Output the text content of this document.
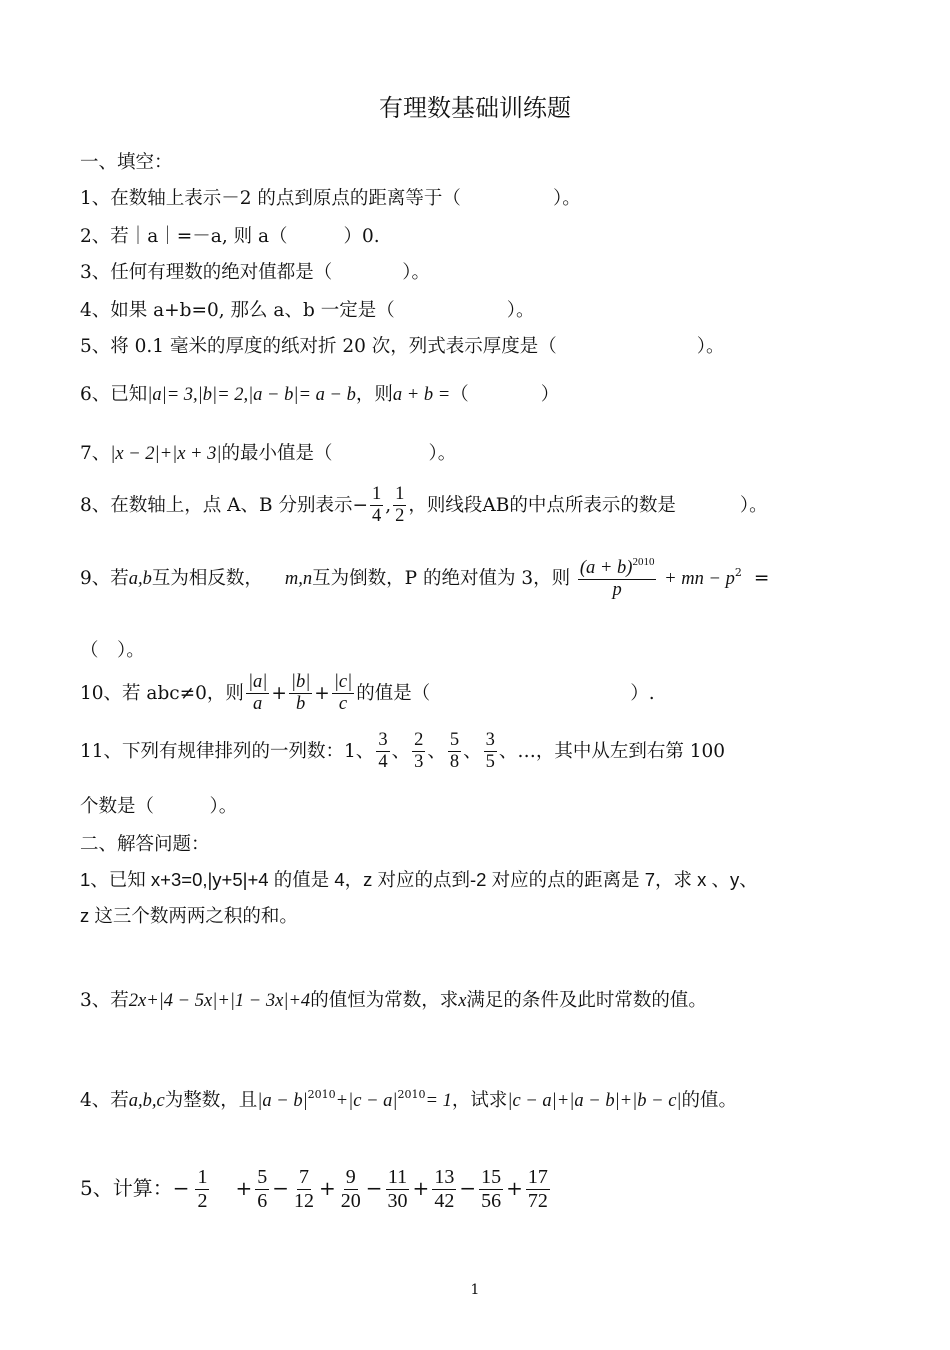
有理数基础训练题
一、填空：
1、在数轴上表示－2 的点到原点的距离等于（	）。
2、若｜a｜=－a, 则 a（	）0.
3、任何有理数的绝对值都是（	）。
4、如果 a+b=0, 那么 a、b 一定是（	）。
5、将 0.1 毫米的厚度的纸对折 20 次，列式表示厚度是（	）。
6、已知|a|= 3,|b|= 2,|a − b|= a − b，则a + b =（	）
7、|x − 2|+|x + 3|的最小值是（	）。
8、在数轴上，点 A、B 分别表示− $\frac{1}{4}$ , $\frac{1}{2}$ ，则线段AB的中点所表示的数是	）。
9、若a,b互为相反数， m,n互为倒数，P 的绝对值为 3，则 $\frac{(a + b)^{2010}}{p}$ + mn − $p^2$ =
（　）。
10、若 abc≠0，则 $\frac{|a|}{a} + \frac{|b|}{b} + \frac{|c|}{c}$ 的值是（	）.
11、下列有规律排列的一列数：1、 $\frac{3}{4}$ 、 $\frac{2}{3}$ 、 $\frac{5}{8}$ 、 $\frac{3}{5}$ 、…，其中从左到右第 100
个数是（　　　）。
二、解答问题：
1、已知 x+3=0,|y+5|+4 的值是 4，z 对应的点到-2 对应的点的距离是 7，求 x 、y、
z 这三个数两两之积的和。
3、若2x+|4 − 5x|+|1 − 3x|+4的值恒为常数，求x满足的条件及此时常数的值。
4、若a,b,c为整数，且$|a - b|^{2010}+|c - a|^{2010}= 1$，试求|c − a|+|a − b|+|b − c|的值。
5、计算：− $\frac{1}{2} + \frac{5}{6} - \frac{7}{12} + \frac{9}{20} - \frac{11}{30} + \frac{13}{42} - \frac{15}{56} + \frac{17}{72}$
1
